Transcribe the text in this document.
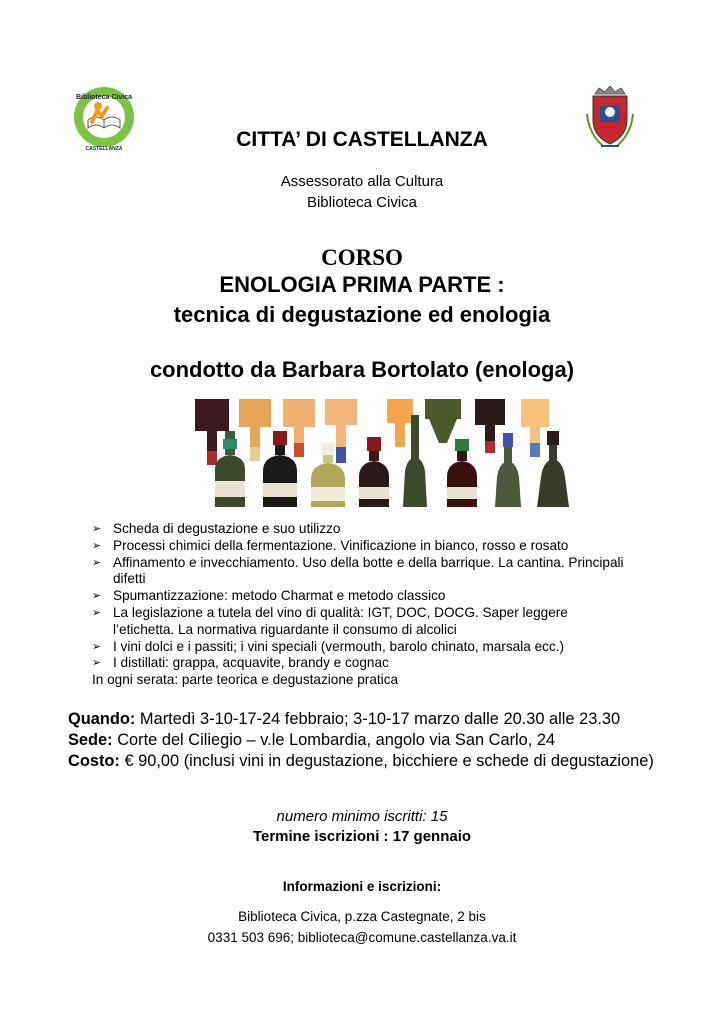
Biblioteca Civica
CASTELLANZA	CITTA’ DI CASTELLANZA
Assessorato alla Cultura
Biblioteca Civica
CORSO
ENOLOGIA PRIMA PARTE :
tecnica di degustazione ed enologia
condotto da Barbara Bortolato (enologa)
➢ Scheda di degustazione e suo utilizzo
➢ Processi chimici della fermentazione. Vinificazione in bianco, rosso e rosato
➢ Affinamento e invecchiamento. Uso della botte e della barrique. La cantina. Principali difetti
➢ Spumantizzazione: metodo Charmat e metodo classico
➢ La legislazione a tutela del vino di qualità: IGT, DOC, DOCG. Saper leggere l’etichetta. La normativa riguardante il consumo di alcolici
➢ I vini dolci e i passiti; i vini speciali (vermouth, barolo chinato, marsala ecc.)
➢ I distillati: grappa, acquavite, brandy e cognac
In ogni serata: parte teorica e degustazione pratica
Quando: Martedì 3-10-17-24 febbraio; 3-10-17 marzo dalle 20.30 alle 23.30
Sede: Corte del Ciliegio – v.le Lombardia, angolo via San Carlo, 24
Costo: € 90,00 (inclusi vini in degustazione, bicchiere e schede di degustazione)
numero minimo iscritti: 15
Termine iscrizioni : 17 gennaio
Informazioni e iscrizioni:
Biblioteca Civica, p.zza Castegnate, 2 bis
0331 503 696; biblioteca@comune.castellanza.va.it
